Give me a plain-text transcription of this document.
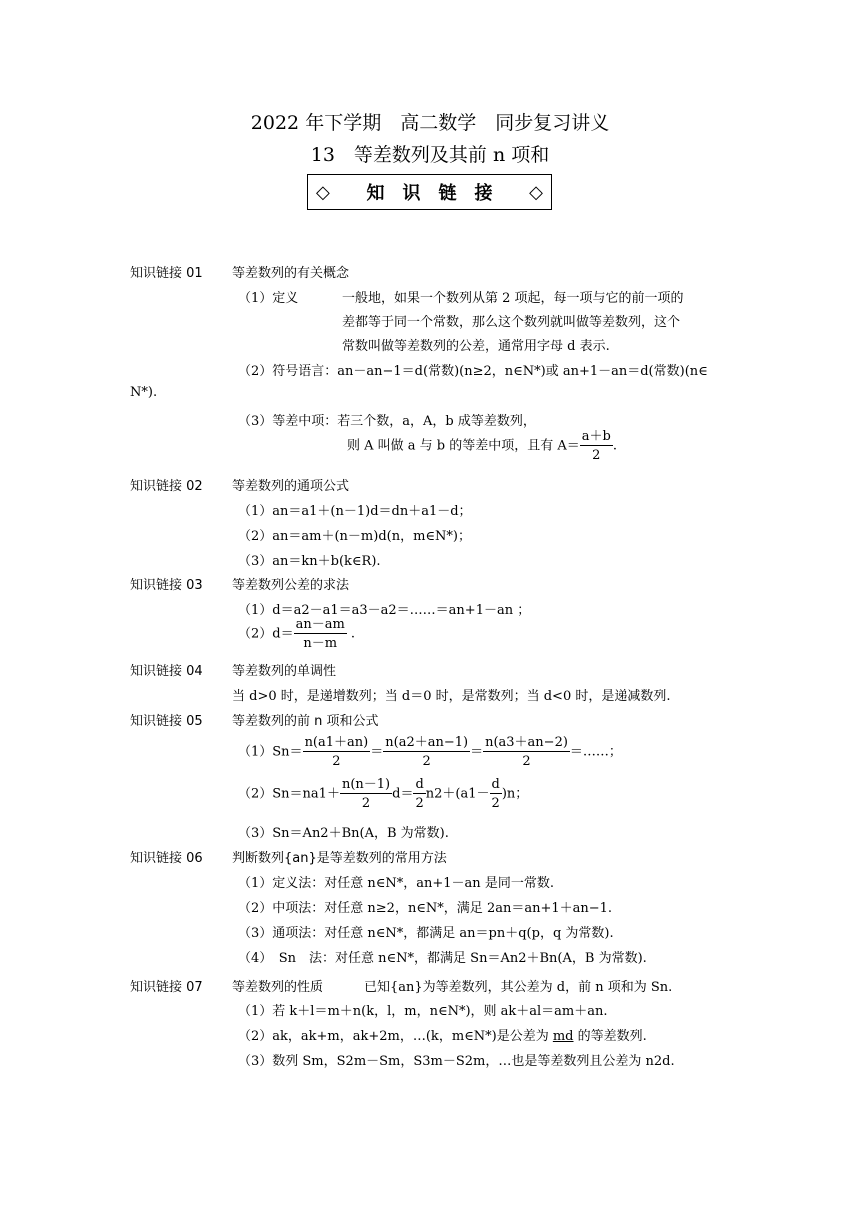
2022 年下学期　高二数学　同步复习讲义
13　等差数列及其前 n 项和
◇ 知识链接 ◇
知识链接 01 等差数列的有关概念
（1）定义	一般地，如果一个数列从第 2 项起，每一项与它的前一项的
差都等于同一个常数，那么这个数列就叫做等差数列，这个
常数叫做等差数列的公差，通常用字母 d 表示.
（2）符号语言：an－an−1＝d(常数)(n≥2，n∈N*)或 an+1－an＝d(常数)(n∈
N*).
（3）等差中项：若三个数，a，A，b 成等差数列，
则 A 叫做 a 与 b 的等差中项，且有 $A= \frac{a+b}{2}$ .
知识链接 02 等差数列的通项公式
（1）an＝a1＋(n－1)d＝dn＋a1－d；
（2）an＝am＋(n－m)d(n，m∈N*)；
（3）an＝kn＋b(k∈R).
知识链接 03 等差数列公差的求法
（1）d＝a2－a1＝a3－a2＝……＝an+1－an ；
$(2)d= \frac{an-am}{n-m}$ .
知识链接 04 等差数列的单调性
当 d>0 时，是递增数列；当 d＝0 时，是常数列；当 d<0 时，是递减数列.
知识链接 05 等差数列的前 n 项和公式
$(1)Sn= \frac{n(a1+an)}{2} = \frac{n(a2+an-1)}{2} = \frac{n(a3+an-2)}{2}$ ＝……；
$(2)Sn=na1+ \frac{n(n-1)}{2} d= \frac{d}{2} n2+(a1- \frac{d}{2} )n$；
（3）Sn＝An2＋Bn(A，B 为常数).
知识链接 06 判断数列{an}是等差数列的常用方法
（1）定义法：对任意 n∈N*，an+1－an 是同一常数.
（2）中项法：对任意 n≥2，n∈N*，满足 2an＝an+1＋an−1.
（3）通项法：对任意 n∈N*，都满足 an＝pn＋q(p，q 为常数).
（4）　Sn　法：对任意 n∈N*，都满足 Sn＝An2＋Bn(A，B 为常数).
知识链接 07 等差数列的性质	已知{an}为等差数列，其公差为 d，前 n 项和为 Sn.
（1）若 k＋l＝m＋n(k，l，m，n∈N*)，则 ak＋al＝am＋an.
（2）ak，ak+m，ak+2m，…(k，m∈N*)是公差为 md 的等差数列.
（3）数列 Sm，S2m－Sm，S3m－S2m，…也是等差数列且公差为 n2d.
